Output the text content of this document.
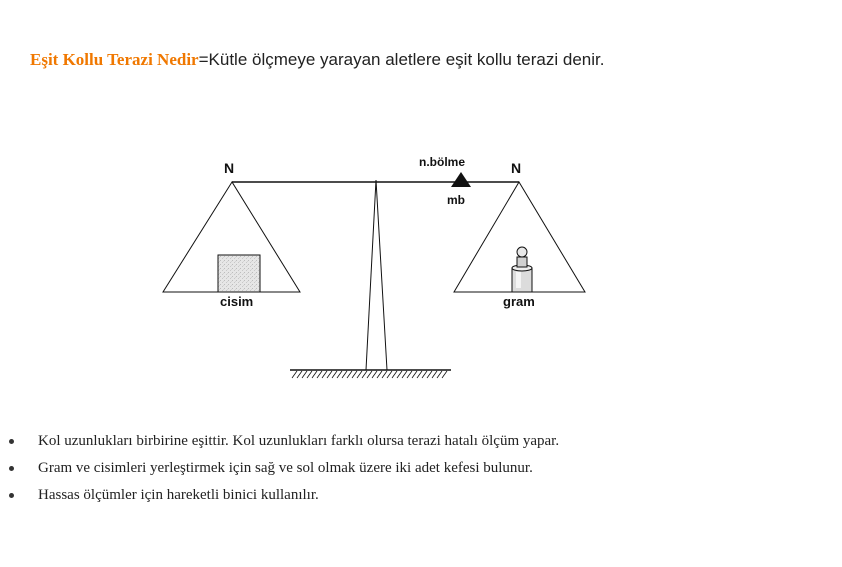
Eşit Kollu Terazi Nedir=Kütle ölçmeye yarayan aletlere eşit kollu terazi denir.
N	N
n.bölme
mb
cisim	gram
Kol uzunlukları birbirine eşittir. Kol uzunlukları farklı olursa terazi hatalı ölçüm yapar.
Gram ve cisimleri yerleştirmek için sağ ve sol olmak üzere iki adet kefesi bulunur.
Hassas ölçümler için hareketli binici kullanılır.
